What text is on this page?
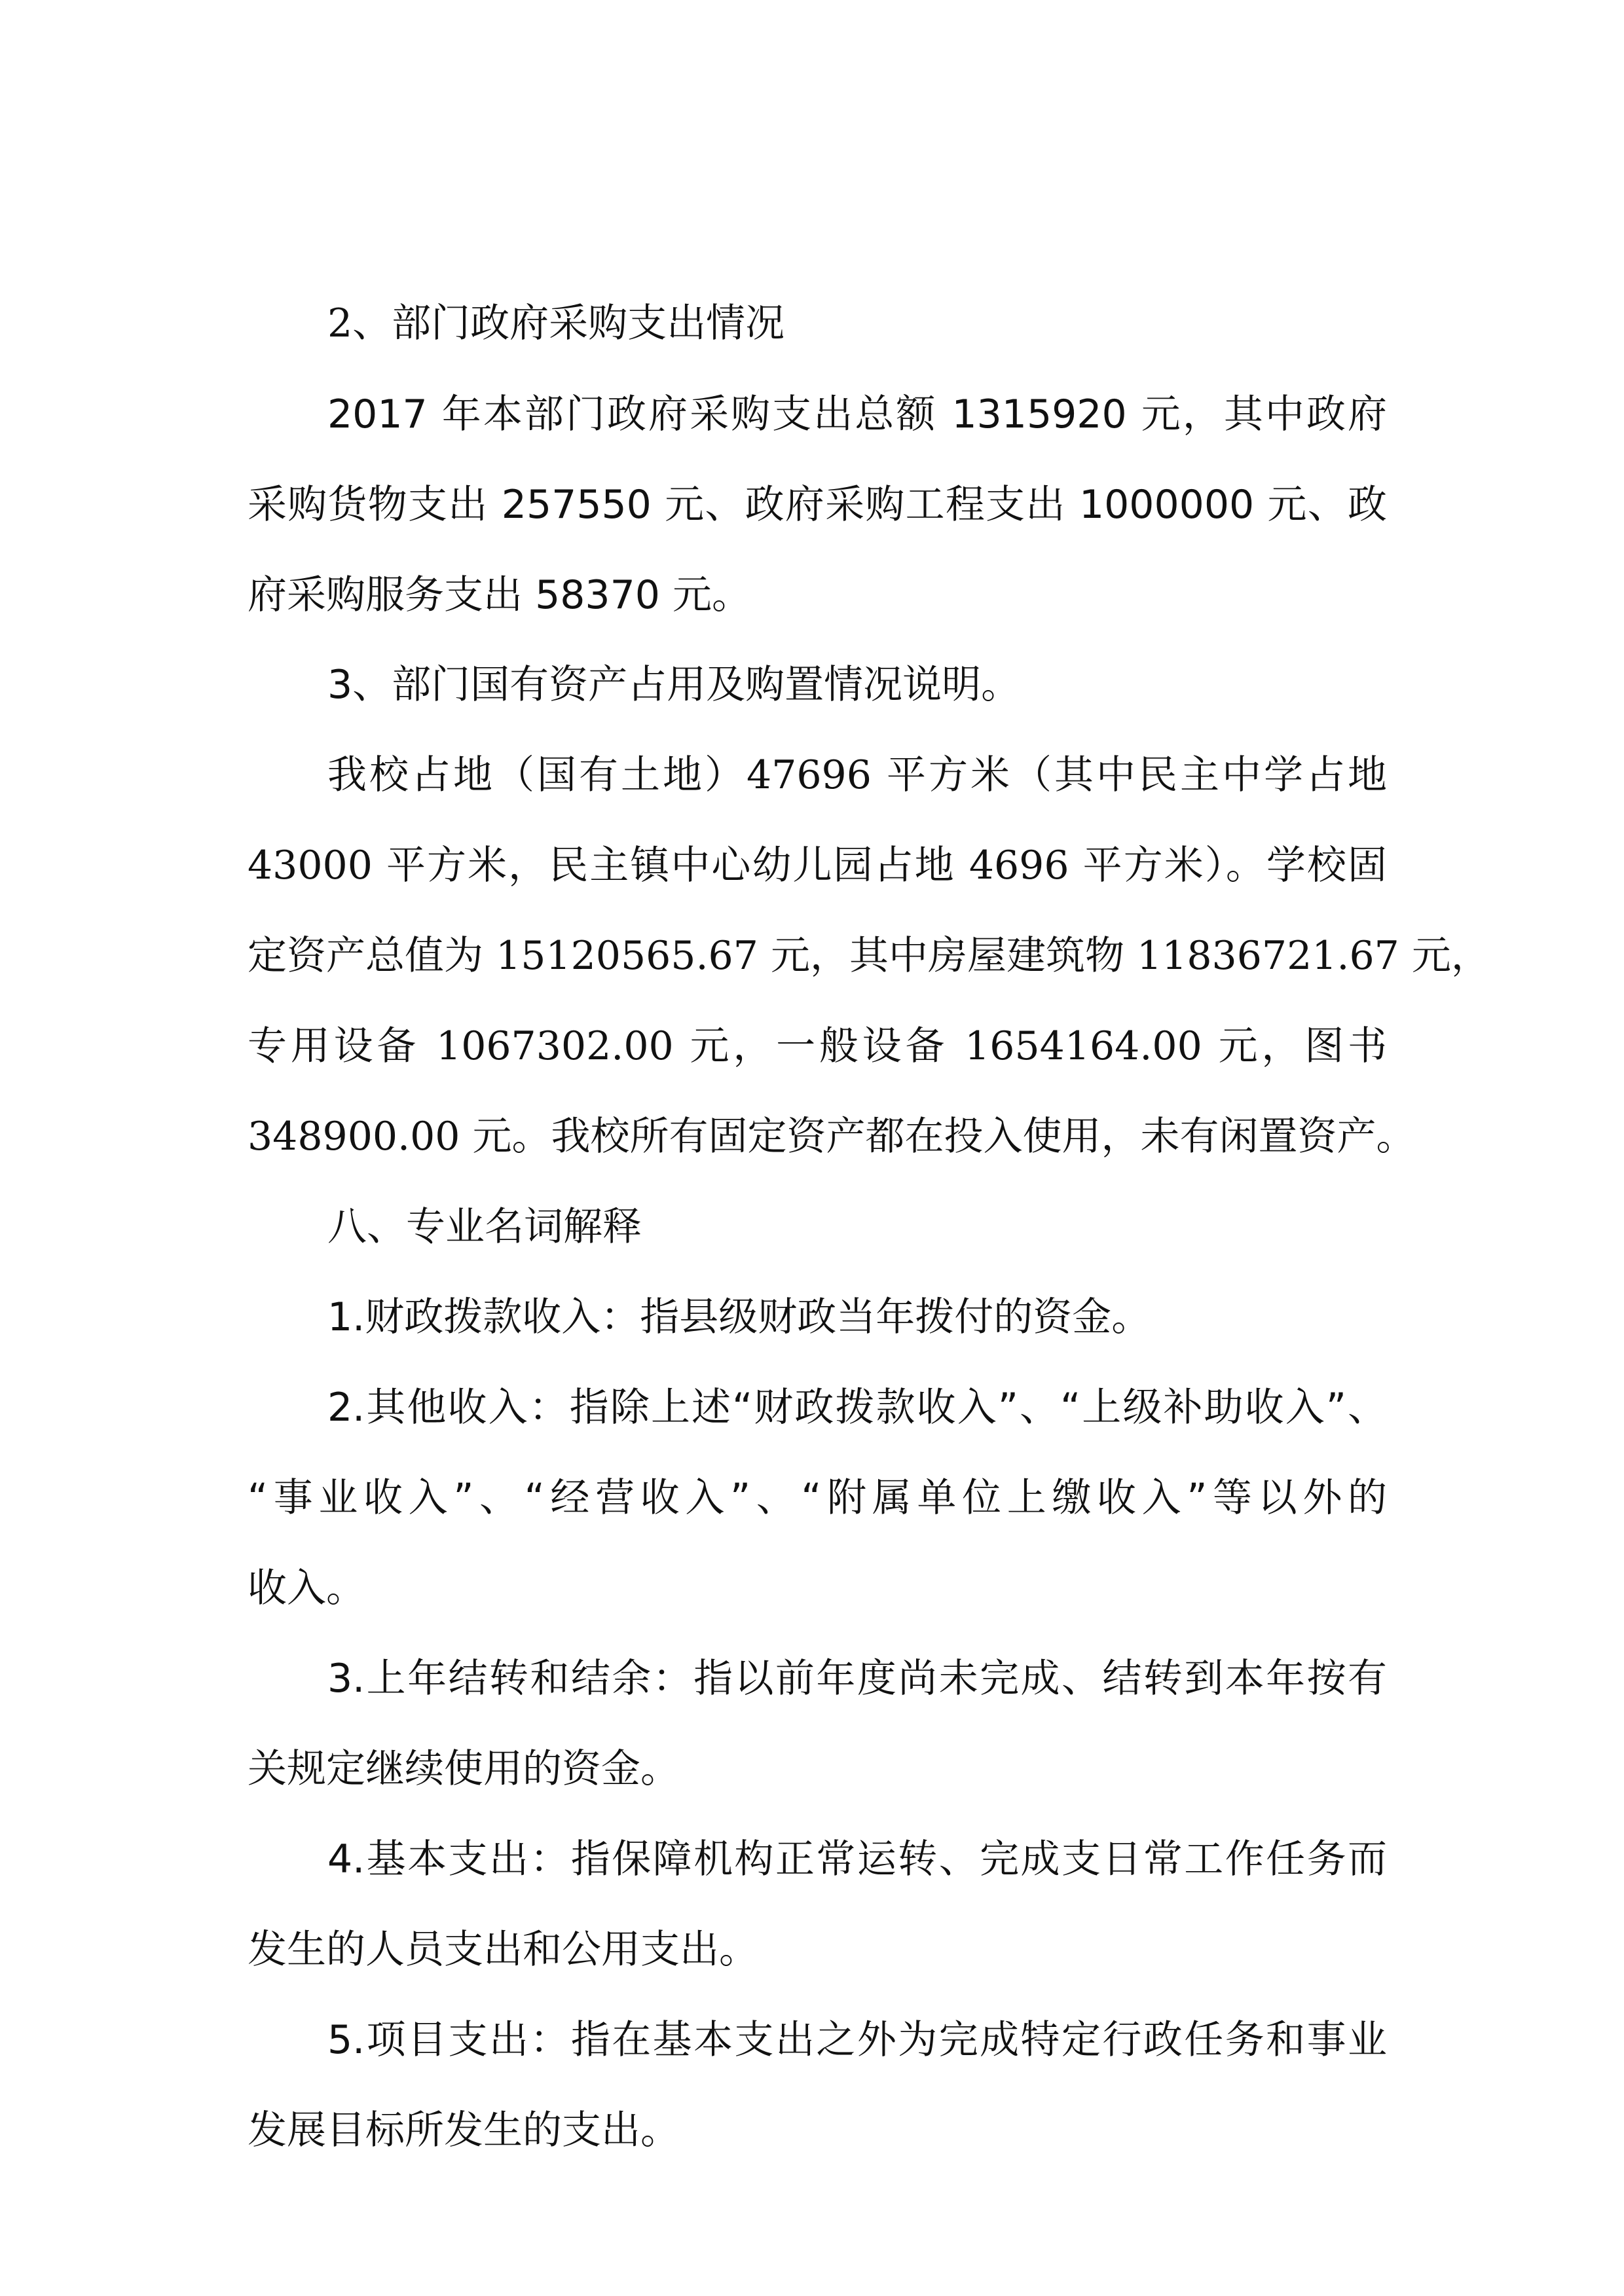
2、部门政府采购支出情况

2017 年本部门政府采购支出总额 1315920 元，其中政府

采购货物支出 257550 元、政府采购工程支出 1000000 元、政

府采购服务支出 58370 元。

3、部门国有资产占用及购置情况说明。

我校占地（国有土地）47696 平方米（其中民主中学占地

43000 平方米，民主镇中心幼儿园占地 4696 平方米）。学校固

定资产总值为 15120565.67 元，其中房屋建筑物 11836721.67 元，

专用设备 1067302.00 元，一般设备 1654164.00 元，图书

348900.00 元。我校所有固定资产都在投入使用，未有闲置资产。

八、专业名词解释

1.财政拨款收入：指县级财政当年拨付的资金。

2.其他收入：指除上述“财政拨款收入”、“上级补助收入”、

“事业收入”、“经营收入”、“附属单位上缴收入”等以外的

收入。

3.上年结转和结余：指以前年度尚未完成、结转到本年按有

关规定继续使用的资金。

4.基本支出：指保障机构正常运转、完成支日常工作任务而

发生的人员支出和公用支出。

5.项目支出：指在基本支出之外为完成特定行政任务和事业

发展目标所发生的支出。
